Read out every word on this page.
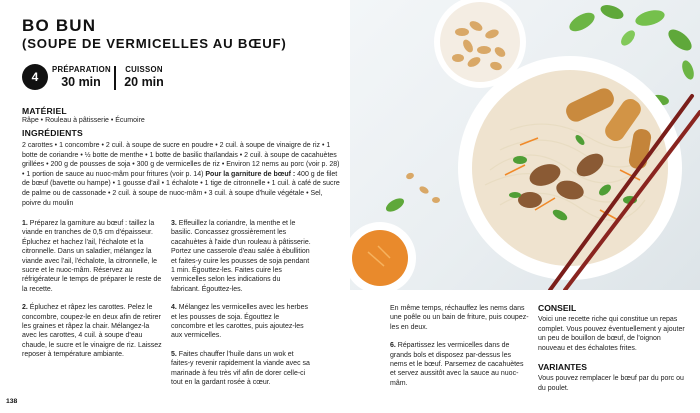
BO BUN
(SOUPE DE VERMICELLES AU BŒUF)
4
PRÉPARATION
30 min
CUISSON
20 min
MATÉRIEL
Râpe • Rouleau à pâtisserie • Écumoire
INGRÉDIENTS
2 carottes • 1 concombre • 2 cuil. à soupe de sucre en poudre • 2 cuil. à soupe de vinaigre de riz • 1 botte de coriandre • ½ botte de menthe • 1 botte de basilic thaïlandais • 2 cuil. à soupe de cacahuètes grillées • 200 g de pousses de soja • 300 g de vermicelles de riz • Environ 12 nems au porc (voir p. 28) • 1 portion de sauce au nuoc-mâm pour fritures (voir p. 14) Pour la garniture de bœuf : 400 g de filet de bœuf (bavette ou hampe) • 1 gousse d'ail • 1 échalote • 1 tige de citronnelle • 1 cuil. à café de sucre de palme ou de cassonade • 2 cuil. à soupe de nuoc-mâm • 3 cuil. à soupe d'huile végétale • Sel, poivre du moulin

1. Préparez la garniture au bœuf : taillez la viande en tranches de 0,5 cm d'épaisseur. Épluchez et hachez l'ail, l'échalote et la citronnelle. Dans un saladier, mélangez la viande avec l'ail, l'échalote, la citronnelle, le sucre et le nuoc-mâm. Réservez au réfrigérateur le temps de préparer le reste de la recette.

2. Épluchez et râpez les carottes. Pelez le concombre, coupez-le en deux afin de retirer les graines et râpez la chair. Mélangez-la avec les carottes, 4 cuil. à soupe d'eau chaude, le sucre et le vinaigre de riz. Laissez reposer à température ambiante.

3. Effeuillez la coriandre, la menthe et le basilic. Concassez grossièrement les cacahuètes à l'aide d'un rouleau à pâtisserie. Portez une casserole d'eau salée à ébullition et faites-y cuire les pousses de soja pendant 1 min. Égouttez-les. Faites cuire les vermicelles selon les indications du fabricant. Égouttez-les.

4. Mélangez les vermicelles avec les herbes et les pousses de soja. Égouttez le concombre et les carottes, puis ajoutez-les aux vermicelles.

5. Faites chauffer l'huile dans un wok et faites-y revenir rapidement la viande avec sa marinade à feu très vif afin de dorer celle-ci tout en la gardant rosée à cœur.

138

En même temps, réchauffez les nems dans une poêle ou un bain de friture, puis coupez-les en deux.

6. Répartissez les vermicelles dans de grands bols et disposez par-dessus les nems et le bœuf. Parsemez de cacahuètes et servez aussitôt avec la sauce au nuoc-mâm.

CONSEIL
Voici une recette riche qui constitue un repas complet. Vous pouvez éventuellement y ajouter un peu de bouillon de bœuf, de l'oignon nouveau et des échalotes frites.
VARIANTES
Vous pouvez remplacer le bœuf par du porc ou du poulet.
